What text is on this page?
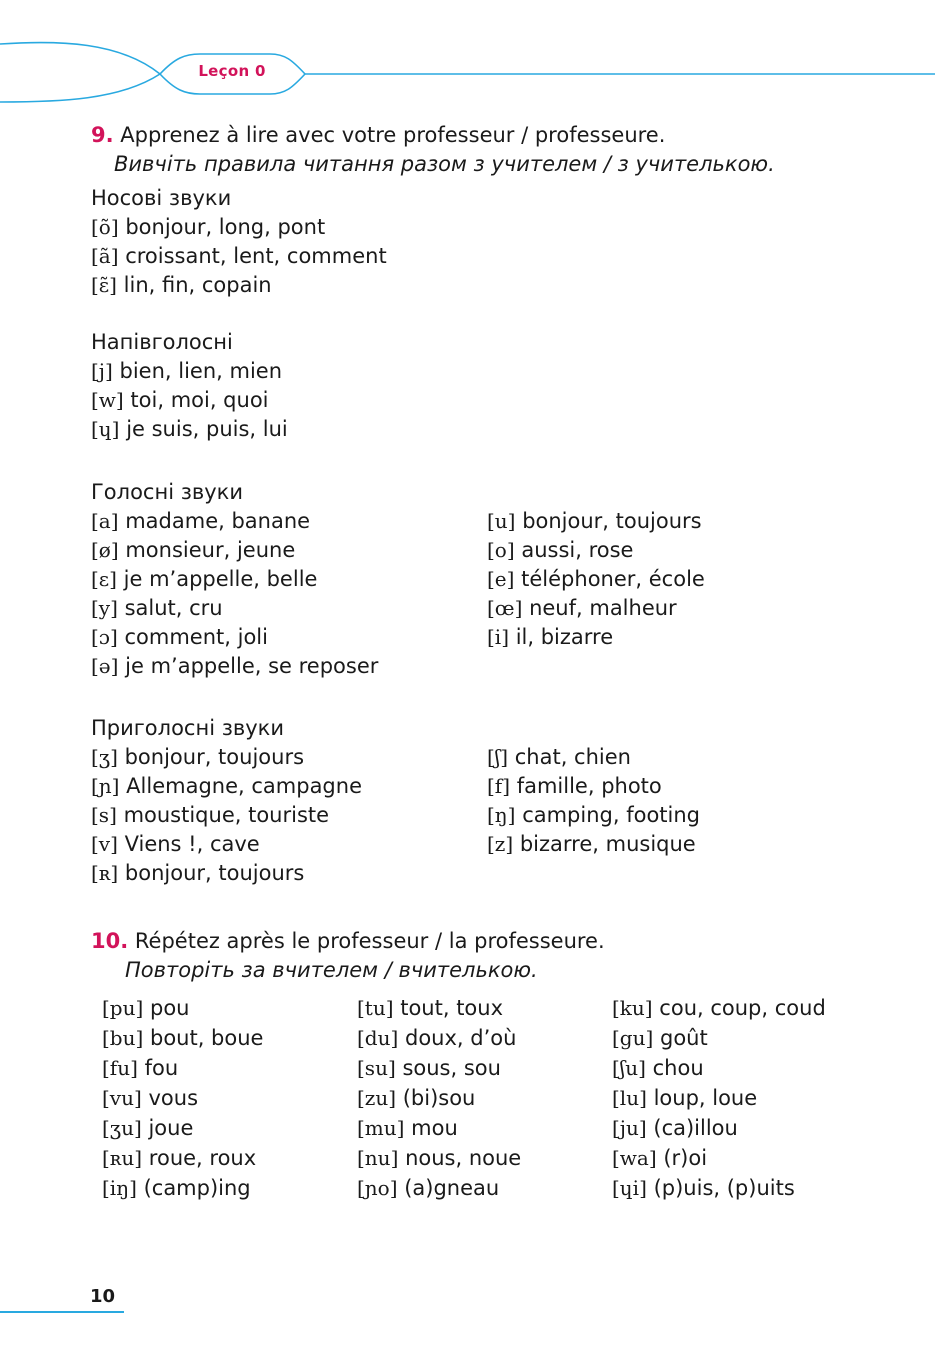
Leçon 0
9. Apprenez à lire avec votre professeur / professeure.
Вивчіть правила читання разом з учителем / з учителькою.
Носові звуки
[õ] bonjour, long, pont
[ã] croissant, lent, comment
[ɛ̃] lin, fin, copain
Напівголосні
[j] bien, lien, mien
[w] toi, moi, quoi
[ɥ] je suis, puis, lui
Голосні звуки
[a] madame, banane
[ø] monsieur, jeune
[ɛ] je m’appelle, belle
[y] salut, cru
[ɔ] comment, joli
[ə] je m’appelle, se reposer
[u] bonjour, toujours
[o] aussi, rose
[e] téléphoner, école
[œ] neuf, malheur
[i] il, bizarre
Приголосні звуки
[ʒ] bonjour, toujours
[ɲ] Allemagne, campagne
[s] moustique, touriste
[v] Viens !, cave
[ʀ] bonjour, toujours
[ʃ] chat, chien
[f] famille, photo
[ŋ] camping, footing
[z] bizarre, musique
10. Répétez après le professeur / la professeure.
Повторіть за вчителем / вчителькою.
[pu] pou
[bu] bout, boue
[fu] fou
[vu] vous
[ʒu] joue
[ʀu] roue, roux
[iŋ] (camp)ing
[tu] tout, toux
[du] doux, d’où
[su] sous, sou
[zu] (bi)sou
[mu] mou
[nu] nous, noue
[ɲo] (a)gneau
[ku] cou, coup, coud
[gu] goût
[ʃu] chou
[lu] loup, loue
[ju] (ca)illou
[wa] (r)oi
[ɥi] (p)uis, (p)uits
10
